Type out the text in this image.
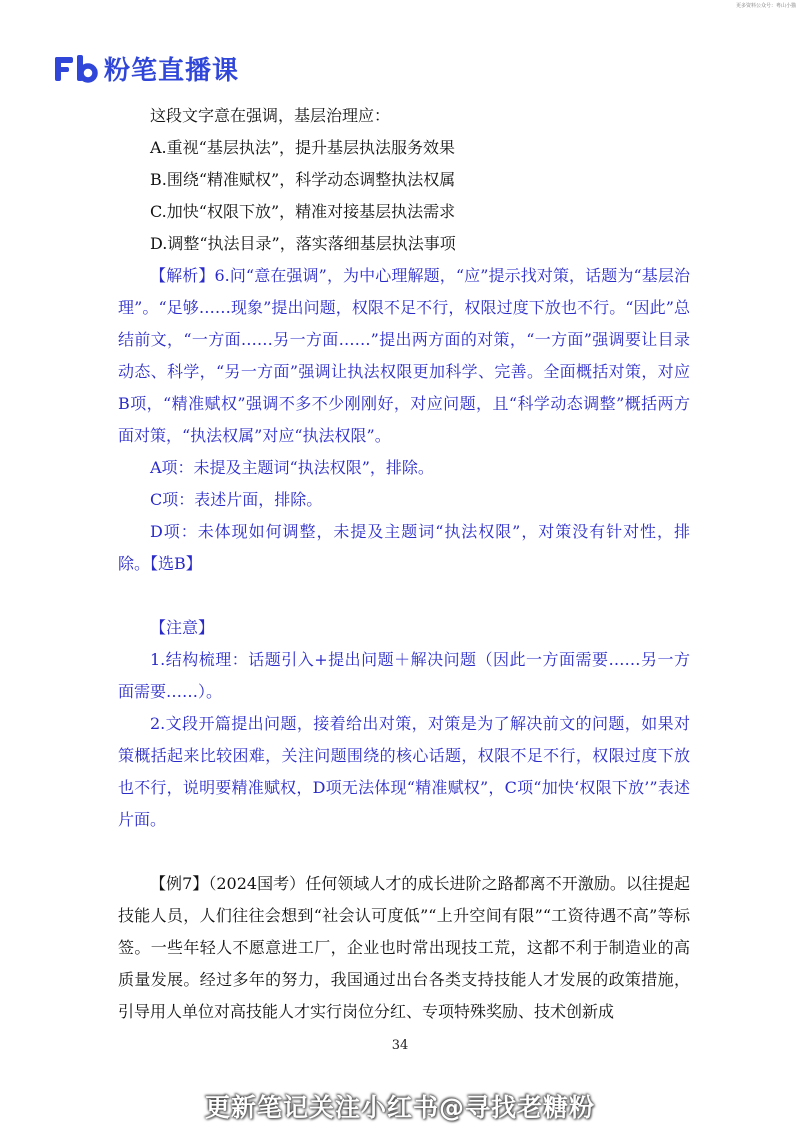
更多资料公众号：粤山小猫
粉笔直播课

这段文字意在强调，基层治理应：

A.重视“基层执法”，提升基层执法服务效果

B.围绕“精准赋权”，科学动态调整执法权属

C.加快“权限下放”，精准对接基层执法需求

D.调整“执法目录”，落实落细基层执法事项

【解析】6.问“意在强调”，为中心理解题，“应”提示找对策，话题为“基层治理”。“足够……现象”提出问题，权限不足不行，权限过度下放也不行。“因此”总结前文，“一方面……另一方面……”提出两方面的对策，“一方面”强调要让目录动态、科学，“另一方面”强调让执法权限更加科学、完善。全面概括对策，对应B项，“精准赋权”强调不多不少刚刚好，对应问题，且“科学动态调整”概括两方面对策，“执法权属”对应“执法权限”。

A项：未提及主题词“执法权限”，排除。

C项：表述片面，排除。

D项：未体现如何调整，未提及主题词“执法权限”，对策没有针对性，排除。【选B】

【注意】

1.结构梳理：话题引入+提出问题＋解决问题（因此一方面需要……另一方面需要……）。

2.文段开篇提出问题，接着给出对策，对策是为了解决前文的问题，如果对策概括起来比较困难，关注问题围绕的核心话题，权限不足不行，权限过度下放也不行，说明要精准赋权，D项无法体现“精准赋权”，C项“加快‘权限下放’”表述片面。

【例7】（2024国考）任何领域人才的成长进阶之路都离不开激励。以往提起技能人员，人们往往会想到“社会认可度低”“上升空间有限”“工资待遇不高”等标签。一些年轻人不愿意进工厂，企业也时常出现技工荒，这都不利于制造业的高质量发展。经过多年的努力，我国通过出台各类支持技能人才发展的政策措施，引导用人单位对高技能人才实行岗位分红、专项特殊奖励、技术创新成

34
更新笔记关注小红书@寻找老糖粉
